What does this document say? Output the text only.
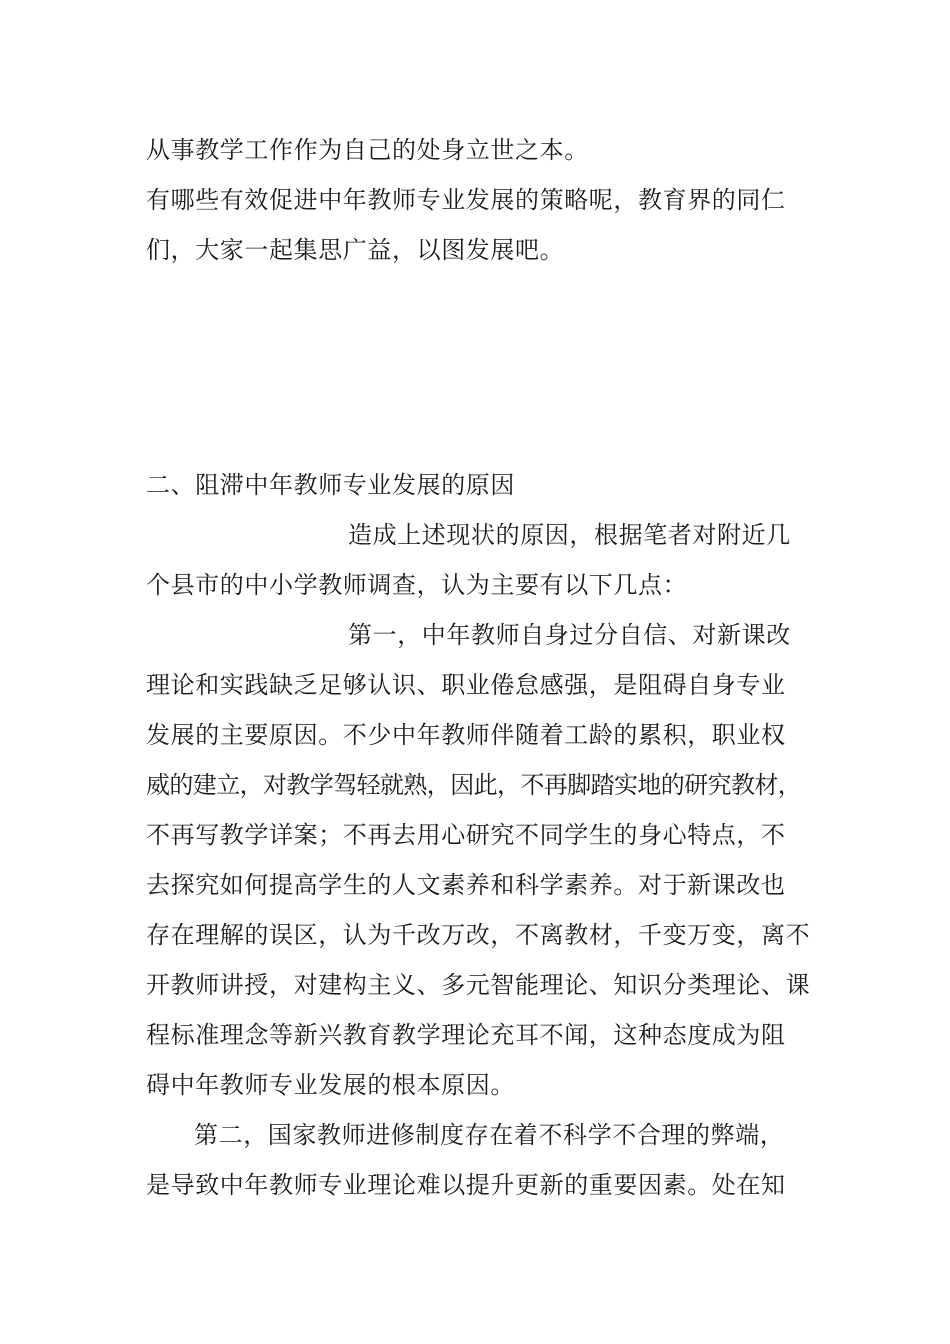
从事教学工作作为自己的处身立世之本。
有哪些有效促进中年教师专业发展的策略呢，教育界的同仁
们，大家一起集思广益，以图发展吧。
二、阻滞中年教师专业发展的原因
造成上述现状的原因，根据笔者对附近几
个县市的中小学教师调查，认为主要有以下几点：
第一，中年教师自身过分自信、对新课改
理论和实践缺乏足够认识、职业倦怠感强，是阻碍自身专业
发展的主要原因。不少中年教师伴随着工龄的累积，职业权
威的建立，对教学驾轻就熟，因此，不再脚踏实地的研究教材，
不再写教学详案；不再去用心研究不同学生的身心特点，不
去探究如何提高学生的人文素养和科学素养。对于新课改也
存在理解的误区，认为千改万改，不离教材，千变万变，离不
开教师讲授，对建构主义、多元智能理论、知识分类理论、课
程标准理念等新兴教育教学理论充耳不闻，这种态度成为阻
碍中年教师专业发展的根本原因。
第二，国家教师进修制度存在着不科学不合理的弊端，
是导致中年教师专业理论难以提升更新的重要因素。处在知
